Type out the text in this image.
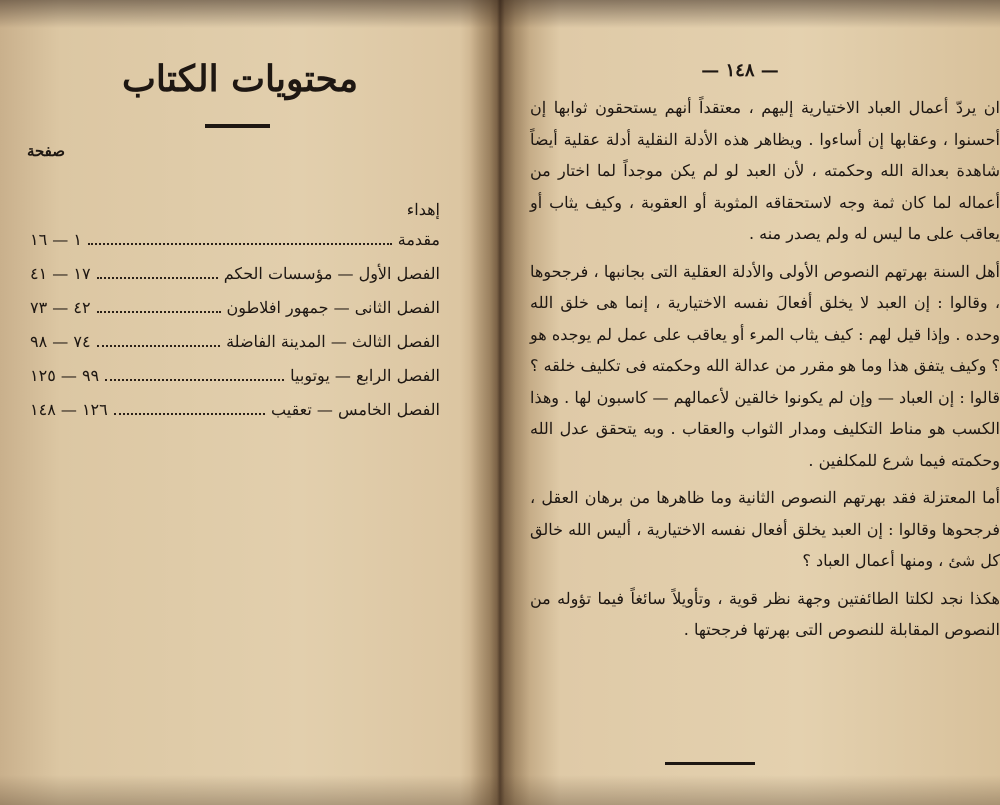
محتويات الكتاب
صفحة
إهداء
مقدمة
١ — ١٦
الفصل الأول — مؤسسات الحكم
١٧ — ٤١
الفصل الثانى — جمهور افلاطون
٤٢ — ٧٣
الفصل الثالث — المدينة الفاضلة
٧٤ — ٩٨
الفصل الرابع — يوتوبيا
٩٩ — ١٢٥
الفصل الخامس — تعقيب
١٢٦ — ١٤٨
— ١٤٨ —

ان يردّ أعمال العباد الاختيارية إليهم ، معتقداً أنهم يستحقون ثوابها إن أحسنوا ، وعقابها إن أساءوا . ويظاهر هذه الأدلة النقلية أدلة عقلية أيضاً شاهدة بعدالة الله وحكمته ، لأن العبد لو لم يكن موجداً لما اختار من أعماله لما كان ثمة وجه لاستحقاقه المثوبة أو العقوبة ، وكيف يثاب أو يعاقب على ما ليس له ولم يصدر منه .

أهل السنة بهرتهم النصوص الأولى والأدلة العقلية التى بجانبها ، فرجحوها ، وقالوا : إن العبد لا يخلق أفعالَ نفسه الاختيارية ، إنما هى خلق الله وحده . وإذا قيل لهم : كيف يثاب المرء أو يعاقب على عمل لم يوجده هو ؟ وكيف يتفق هذا وما هو مقرر من عدالة الله وحكمته فى تكليف خلقه ؟ قالوا : إن العباد — وإن لم يكونوا خالقين لأعمالهم — كاسبون لها . وهذا الكسب هو مناط التكليف ومدار الثواب والعقاب . وبه يتحقق عدل الله وحكمته فيما شرع للمكلفين .

أما المعتزلة فقد بهرتهم النصوص الثانية وما ظاهرها من برهان العقل ، فرجحوها وقالوا : إن العبد يخلق أفعال نفسه الاختيارية ، أليس الله خالق كل شئ ، ومنها أعمال العباد ؟

هكذا نجد لكلتا الطائفتين وجهة نظر قوية ، وتأويلاً سائغاً فيما تؤوله من النصوص المقابلة للنصوص التى بهرتها فرجحتها .
